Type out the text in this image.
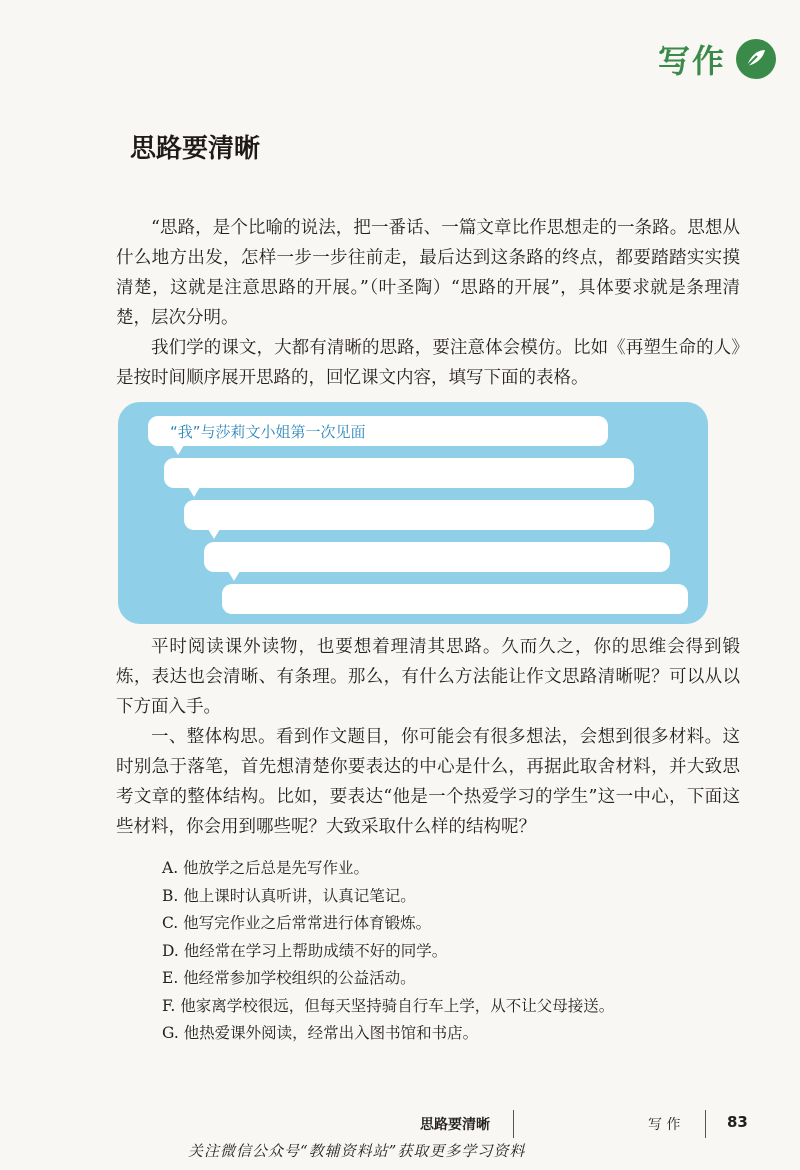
写作
思路要清晰

“思路，是个比喻的说法，把一番话、一篇文章比作思想走的一条路。思想从什么地方出发，怎样一步一步往前走，最后达到这条路的终点，都要踏踏实实摸清楚，这就是注意思路的开展。”（叶圣陶）“思路的开展”，具体要求就是条理清楚，层次分明。

我们学的课文，大都有清晰的思路，要注意体会模仿。比如《再塑生命的人》是按时间顺序展开思路的，回忆课文内容，填写下面的表格。

“我”与莎莉文小姐第一次见面

平时阅读课外读物，也要想着理清其思路。久而久之，你的思维会得到锻炼，表达也会清晰、有条理。那么，有什么方法能让作文思路清晰呢？可以从以下方面入手。

一、整体构思。看到作文题目，你可能会有很多想法，会想到很多材料。这时别急于落笔，首先想清楚你要表达的中心是什么，再据此取舍材料，并大致思考文章的整体结构。比如，要表达“他是一个热爱学习的学生”这一中心，下面这些材料，你会用到哪些呢？大致采取什么样的结构呢？

A. 他放学之后总是先写作业。
B. 他上课时认真听讲，认真记笔记。
C. 他写完作业之后常常进行体育锻炼。
D. 他经常在学习上帮助成绩不好的同学。
E. 他经常参加学校组织的公益活动。
F. 他家离学校很远，但每天坚持骑自行车上学，从不让父母接送。
G. 他热爱课外阅读，经常出入图书馆和书店。
思路要清晰	写 作	83
关注微信公众号“教辅资料站”获取更多学习资料
